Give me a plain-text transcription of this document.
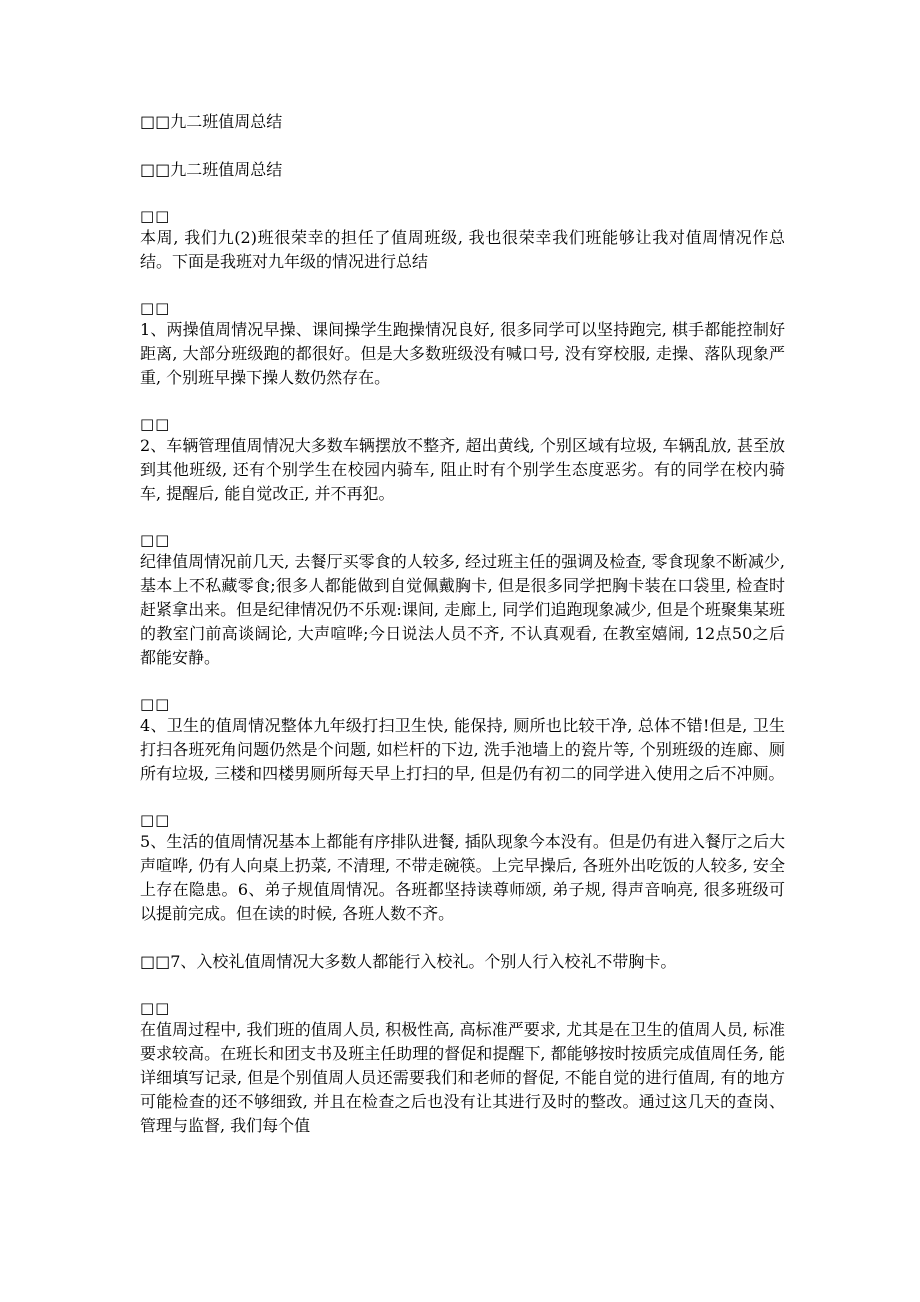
□□九二班值周总结
□□九二班值周总结
□□
本周, 我们九(2)班很荣幸的担任了值周班级, 我也很荣幸我们班能够让我对值周情况作总结。下面是我班对九年级的情况进行总结
□□
1、两操值周情况早操、课间操学生跑操情况良好, 很多同学可以坚持跑完, 棋手都能控制好距离, 大部分班级跑的都很好。但是大多数班级没有喊口号, 没有穿校服, 走操、落队现象严重, 个别班早操下操人数仍然存在。
□□
2、车辆管理值周情况大多数车辆摆放不整齐, 超出黄线, 个别区域有垃圾, 车辆乱放, 甚至放到其他班级, 还有个别学生在校园内骑车, 阻止时有个别学生态度恶劣。有的同学在校内骑车, 提醒后, 能自觉改正, 并不再犯。
□□
纪律值周情况前几天, 去餐厅买零食的人较多, 经过班主任的强调及检查, 零食现象不断减少, 基本上不私藏零食;很多人都能做到自觉佩戴胸卡, 但是很多同学把胸卡装在口袋里, 检查时赶紧拿出来。但是纪律情况仍不乐观:课间, 走廊上, 同学们追跑现象减少, 但是个班聚集某班的教室门前高谈阔论, 大声喧哗;今日说法人员不齐, 不认真观看, 在教室嬉闹, 12点50之后都能安静。
□□
4、卫生的值周情况整体九年级打扫卫生快, 能保持, 厕所也比较干净, 总体不错!但是, 卫生打扫各班死角问题仍然是个问题, 如栏杆的下边, 洗手池墙上的瓷片等, 个别班级的连廊、厕所有垃圾, 三楼和四楼男厕所每天早上打扫的早, 但是仍有初二的同学进入使用之后不冲厕。
□□
5、生活的值周情况基本上都能有序排队进餐, 插队现象今本没有。但是仍有进入餐厅之后大声喧哗, 仍有人向桌上扔菜, 不清理, 不带走碗筷。上完早操后, 各班外出吃饭的人较多, 安全上存在隐患。6、弟子规值周情况。各班都坚持读尊师颂, 弟子规, 得声音响亮, 很多班级可以提前完成。但在读的时候, 各班人数不齐。
□□7、入校礼值周情况大多数人都能行入校礼。个别人行入校礼不带胸卡。
□□
在值周过程中, 我们班的值周人员, 积极性高, 高标准严要求, 尤其是在卫生的值周人员, 标准要求较高。在班长和团支书及班主任助理的督促和提醒下, 都能够按时按质完成值周任务, 能详细填写记录, 但是个别值周人员还需要我们和老师的督促, 不能自觉的进行值周, 有的地方可能检查的还不够细致, 并且在检查之后也没有让其进行及时的整改。通过这几天的查岗、管理与监督, 我们每个值
